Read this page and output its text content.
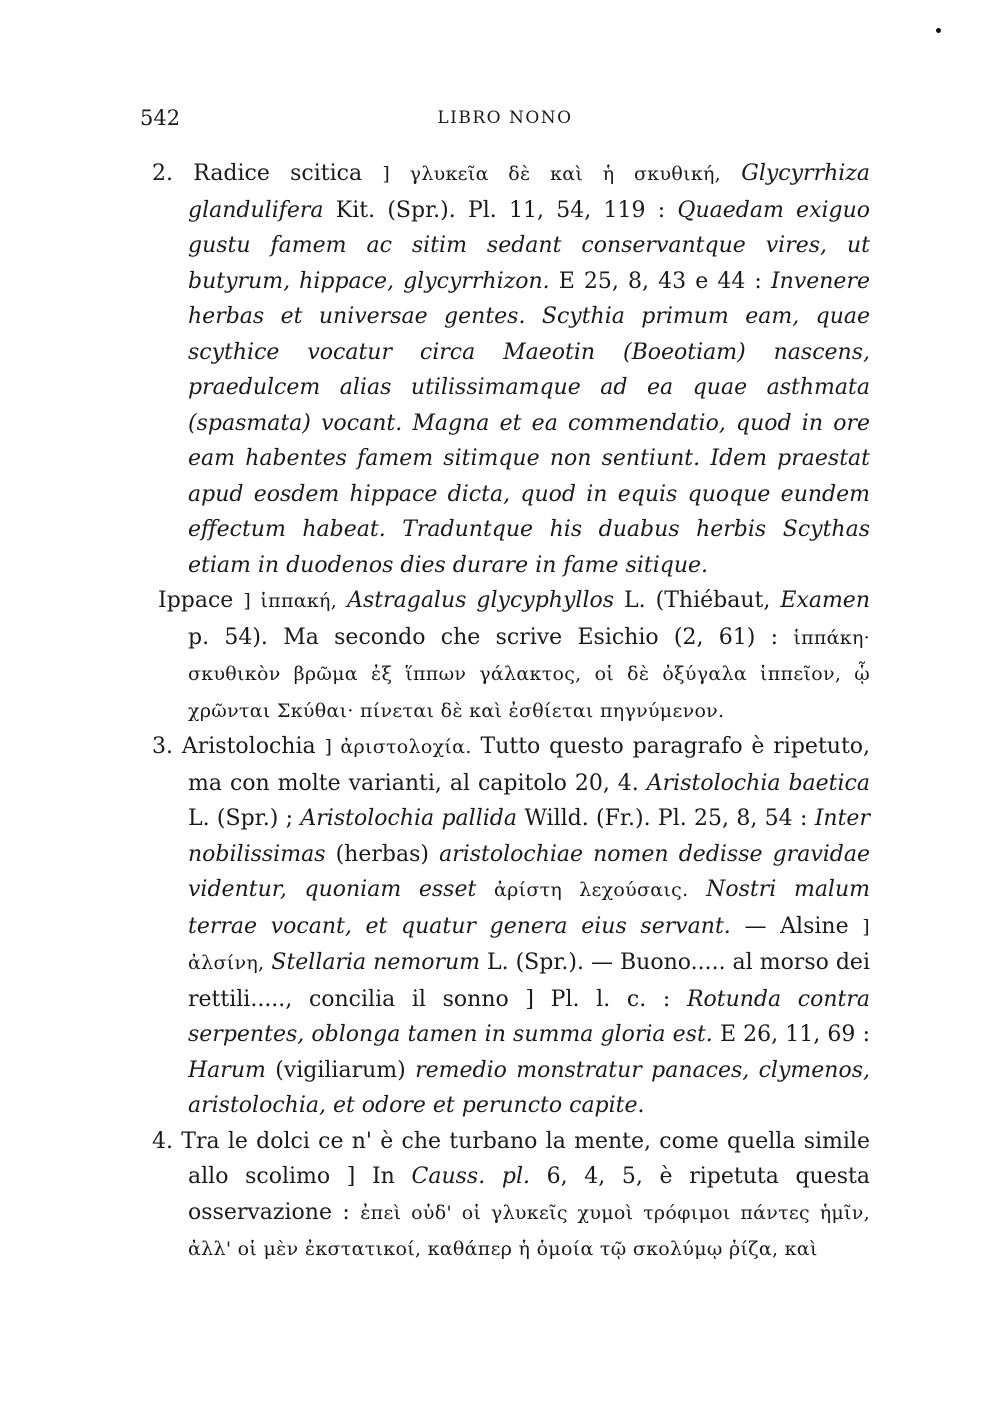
542	LIBRO NONO

2. Radice scitica ] γλυκεῖα δὲ καὶ ἡ σκυθική, Glycyrrhiza glandulifera Kit. (Spr.). Pl. 11, 54, 119 : Quaedam exiguo gustu famem ac sitim sedant conservantque vires, ut butyrum, hippace, glycyrrhizon. E 25, 8, 43 e 44 : Invenere herbas et universae gentes. Scythia primum eam, quae scythice vocatur circa Maeotin (Boeotiam) nascens, praedulcem alias utilissimamque ad ea quae asthmata (spasmata) vocant. Magna et ea commendatio, quod in ore eam habentes famem sitimque non sentiunt. Idem praestat apud eosdem hippace dicta, quod in equis quoque eundem effectum habeat. Traduntque his duabus herbis Scythas etiam in duodenos dies durare in fame sitique.

Ippace ] ἱππακή, Astragalus glycyphyllos L. (Thiébaut, Examen p. 54). Ma secondo che scrive Esichio (2, 61) : ἱππάκη· σκυθικὸν βρῶμα ἐξ ἵππων γάλακτος, οἱ δὲ ὀξύγαλα ἱππεῖον, ᾧ χρῶνται Σκύθαι· πίνεται δὲ καὶ ἐσθίεται πηγνύμενον.

3. Aristolochia ] ἀριστολοχία. Tutto questo paragrafo è ripetuto, ma con molte varianti, al capitolo 20, 4. Aristolochia baetica L. (Spr.) ; Aristolochia pallida Willd. (Fr.). Pl. 25, 8, 54 : Inter nobilissimas (herbas) aristolochiae nomen dedisse gravidae videntur, quoniam esset ἀρίστη λεχούσαις. Nostri malum terrae vocant, et quatur genera eius servant. — Alsine ] ἀλσίνη, Stellaria nemorum L. (Spr.). — Buono..... al morso dei rettili....., concilia il sonno ] Pl. l. c. : Rotunda contra serpentes, oblonga tamen in summa gloria est. E 26, 11, 69 : Harum (vigiliarum) remedio monstratur panaces, clymenos, aristolochia, et odore et peruncto capite.

4. Tra le dolci ce n' è che turbano la mente, come quella simile allo scolimo ] In Causs. pl. 6, 4, 5, è ripetuta questa osservazione : ἐπεὶ οὐδ' οἱ γλυκεῖς χυμοὶ τρόφιμοι πάντες ἡμῖν, ἀλλ' οἱ μὲν ἐκστατικοί, καθάπερ ἡ ὁμοία τῷ σκολύμῳ ῥίζα, καὶ
